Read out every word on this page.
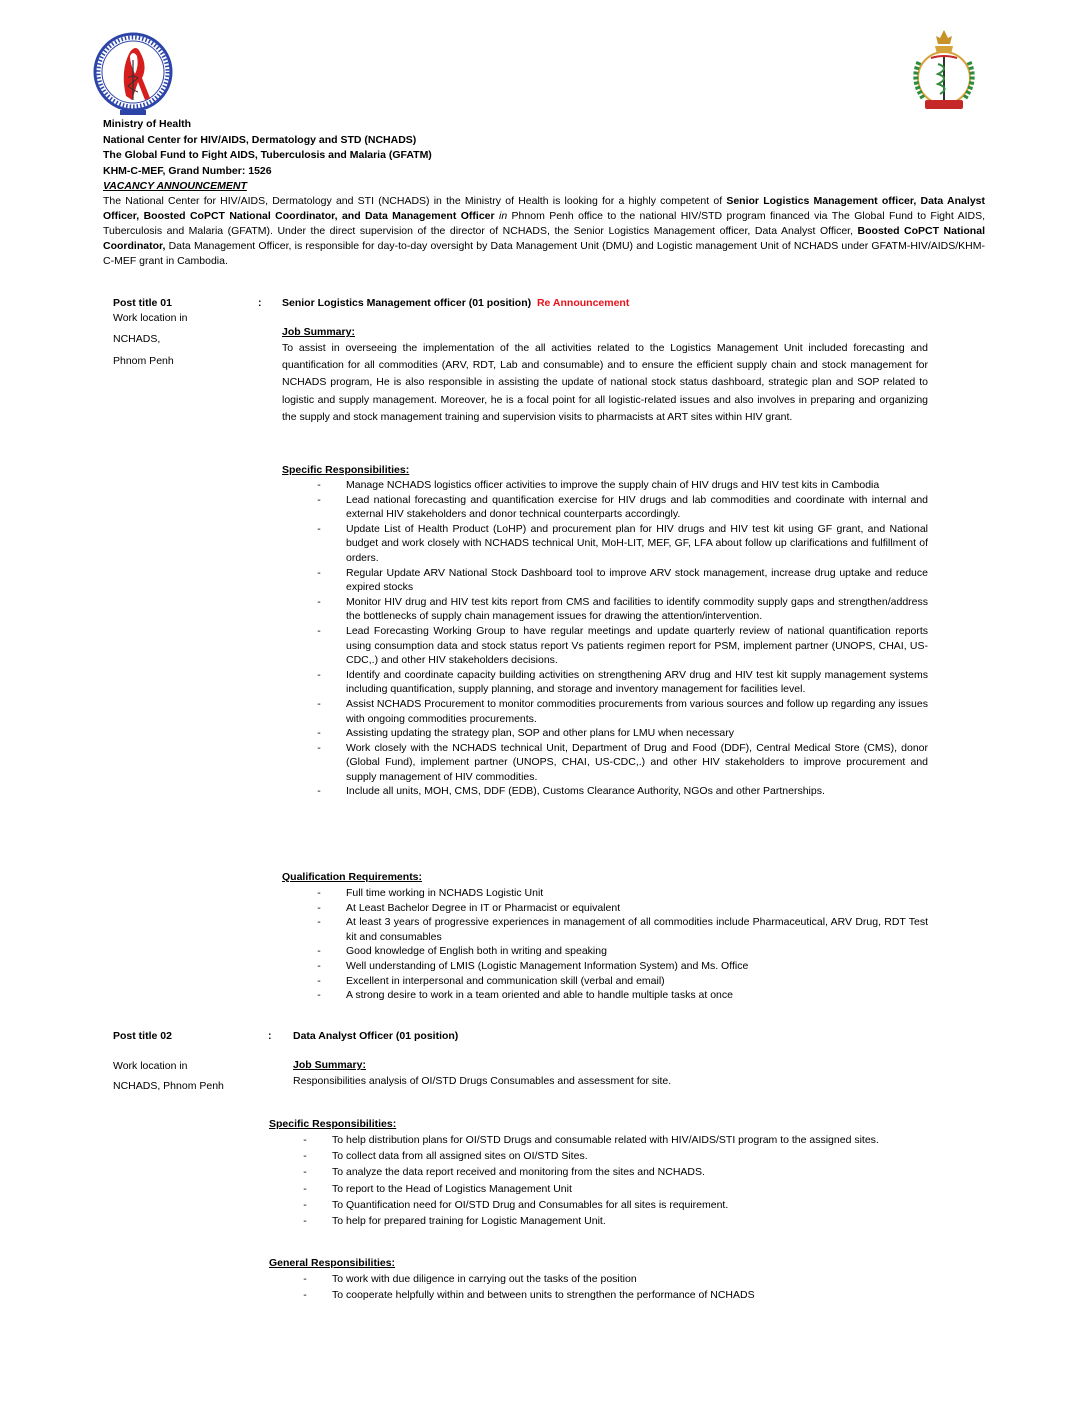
Ministry of Health
National Center for HIV/AIDS, Dermatology and STD (NCHADS)
The Global Fund to Fight AIDS, Tuberculosis and Malaria (GFATM)
KHM-C-MEF, Grand Number: 1526
VACANCY ANNOUNCEMENT
The National Center for HIV/AIDS, Dermatology and STI (NCHADS) in the Ministry of Health is looking for a highly competent of Senior Logistics Management officer, Data Analyst Officer, Boosted CoPCT National Coordinator, and Data Management Officer in Phnom Penh office to the national HIV/STD program financed via The Global Fund to Fight AIDS, Tuberculosis and Malaria (GFATM). Under the direct supervision of the director of NCHADS, the Senior Logistics Management officer, Data Analyst Officer, Boosted CoPCT National Coordinator, Data Management Officer, is responsible for day-to-day oversight by Data Management Unit (DMU) and Logistic management Unit of NCHADS under GFATM-HIV/AIDS/KHM-C-MEF grant in Cambodia.
Post title 01	: Senior Logistics Management officer (01 position) Re Announcement
Work location in
NCHADS,
Phnom Penh
Job Summary:
To assist in overseeing the implementation of the all activities related to the Logistics Management Unit included forecasting and quantification for all commodities (ARV, RDT, Lab and consumable) and to ensure the efficient supply chain and stock management for NCHADS program, He is also responsible in assisting the update of national stock status dashboard, strategic plan and SOP related to logistic and supply management. Moreover, he is a focal point for all logistic-related issues and also involves in preparing and organizing the supply and stock management training and supervision visits to pharmacists at ART sites within HIV grant.
Specific Responsibilities:
- Manage NCHADS logistics officer activities to improve the supply chain of HIV drugs and HIV test kits in Cambodia
- Lead national forecasting and quantification exercise for HIV drugs and lab commodities and coordinate with internal and external HIV stakeholders and donor technical counterparts accordingly.
- Update List of Health Product (LoHP) and procurement plan for HIV drugs and HIV test kit using GF grant, and National budget and work closely with NCHADS technical Unit, MoH-LIT, MEF, GF, LFA about follow up clarifications and fulfillment of orders.
- Regular Update ARV National Stock Dashboard tool to improve ARV stock management, increase drug uptake and reduce expired stocks
- Monitor HIV drug and HIV test kits report from CMS and facilities to identify commodity supply gaps and strengthen/address the bottlenecks of supply chain management issues for drawing the attention/intervention.
- Lead Forecasting Working Group to have regular meetings and update quarterly review of national quantification reports using consumption data and stock status report Vs patients regimen report for PSM, implement partner (UNOPS, CHAI, US-CDC,.) and other HIV stakeholders decisions.
- Identify and coordinate capacity building activities on strengthening ARV drug and HIV test kit supply management systems including quantification, supply planning, and storage and inventory management for facilities level.
- Assist NCHADS Procurement to monitor commodities procurements from various sources and follow up regarding any issues with ongoing commodities procurements.
- Assisting updating the strategy plan, SOP and other plans for LMU when necessary
- Work closely with the NCHADS technical Unit, Department of Drug and Food (DDF), Central Medical Store (CMS), donor (Global Fund), implement partner (UNOPS, CHAI, US-CDC,.) and other HIV stakeholders to improve procurement and supply management of HIV commodities.
- Include all units, MOH, CMS, DDF (EDB), Customs Clearance Authority, NGOs and other Partnerships.
Qualification Requirements:
- Full time working in NCHADS Logistic Unit
- At Least Bachelor Degree in IT or Pharmacist or equivalent
- At least 3 years of progressive experiences in management of all commodities include Pharmaceutical, ARV Drug, RDT Test kit and consumables
- Good knowledge of English both in writing and speaking
- Well understanding of LMIS (Logistic Management Information System) and Ms. Office
- Excellent in interpersonal and communication skill (verbal and email)
- A strong desire to work in a team oriented and able to handle multiple tasks at once
Post title 02	: Data Analyst Officer (01 position)
Work location in
NCHADS, Phnom Penh
Job Summary:
Responsibilities analysis of OI/STD Drugs Consumables and assessment for site.
Specific Responsibilities:
- To help distribution plans for OI/STD Drugs and consumable related with HIV/AIDS/STI program to the assigned sites.
- To collect data from all assigned sites on OI/STD Sites.
- To analyze the data report received and monitoring from the sites and NCHADS.
- To report to the Head of Logistics Management Unit
- To Quantification need for OI/STD Drug and Consumables for all sites is requirement.
- To help for prepared training for Logistic Management Unit.
General Responsibilities:
- To work with due diligence in carrying out the tasks of the position
- To cooperate helpfully within and between units to strengthen the performance of NCHADS
